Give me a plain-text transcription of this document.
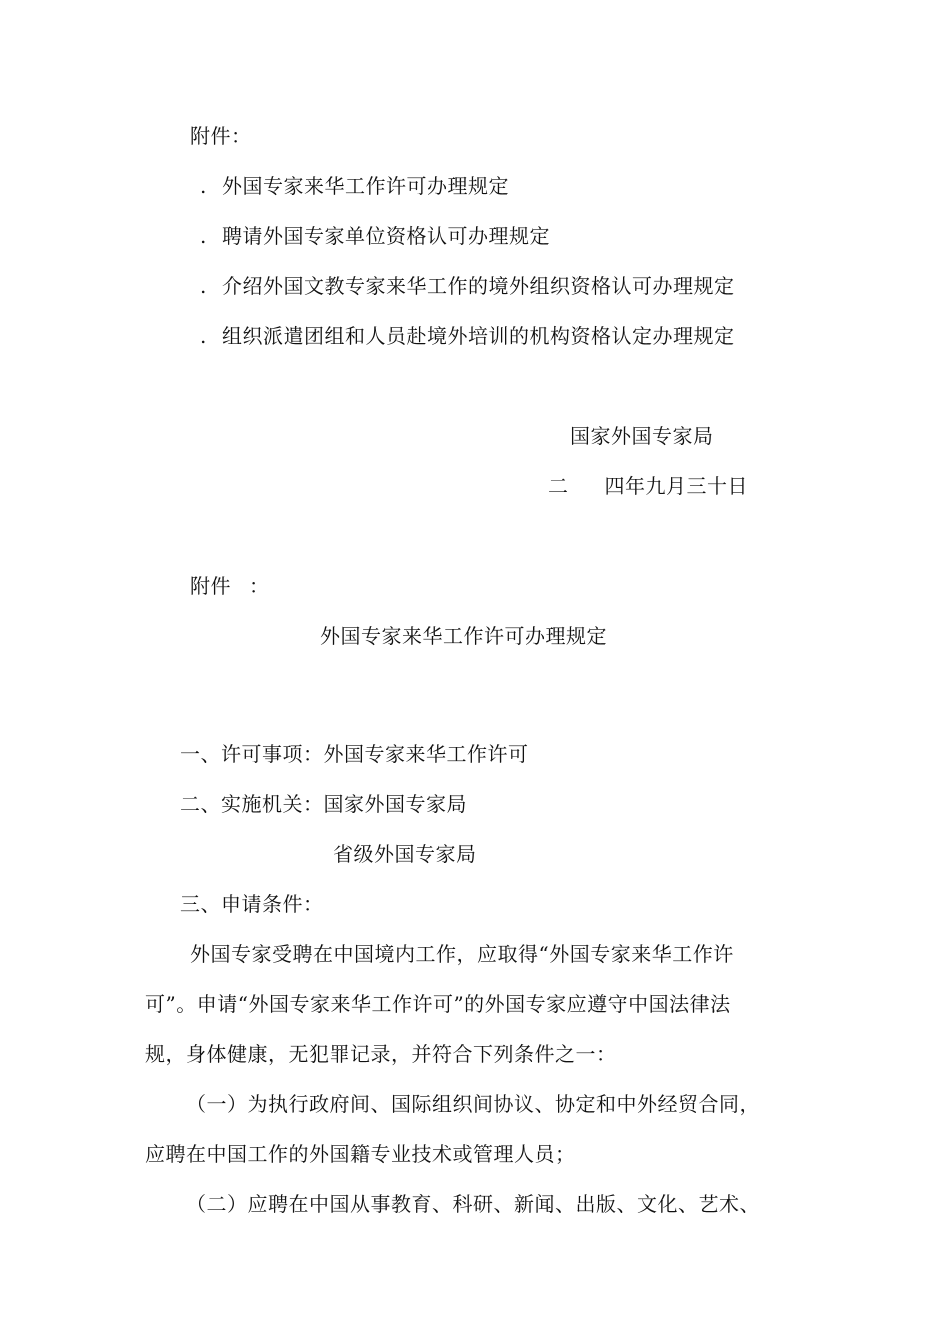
附件：
. 外国专家来华工作许可办理规定
. 聘请外国专家单位资格认可办理规定
. 介绍外国文教专家来华工作的境外组织资格认可办理规定
. 组织派遣团组和人员赴境外培训的机构资格认定办理规定
国家外国专家局
二 四年九月三十日
附件 ：
外国专家来华工作许可办理规定
一、许可事项：外国专家来华工作许可
二、实施机关：国家外国专家局
省级外国专家局
三、申请条件：
外国专家受聘在中国境内工作，应取得“外国专家来华工作许
可”。申请“外国专家来华工作许可”的外国专家应遵守中国法律法
规，身体健康，无犯罪记录，并符合下列条件之一：
（一）为执行政府间、国际组织间协议、协定和中外经贸合同，
应聘在中国工作的外国籍专业技术或管理人员；
（二）应聘在中国从事教育、科研、新闻、出版、文化、艺术、
